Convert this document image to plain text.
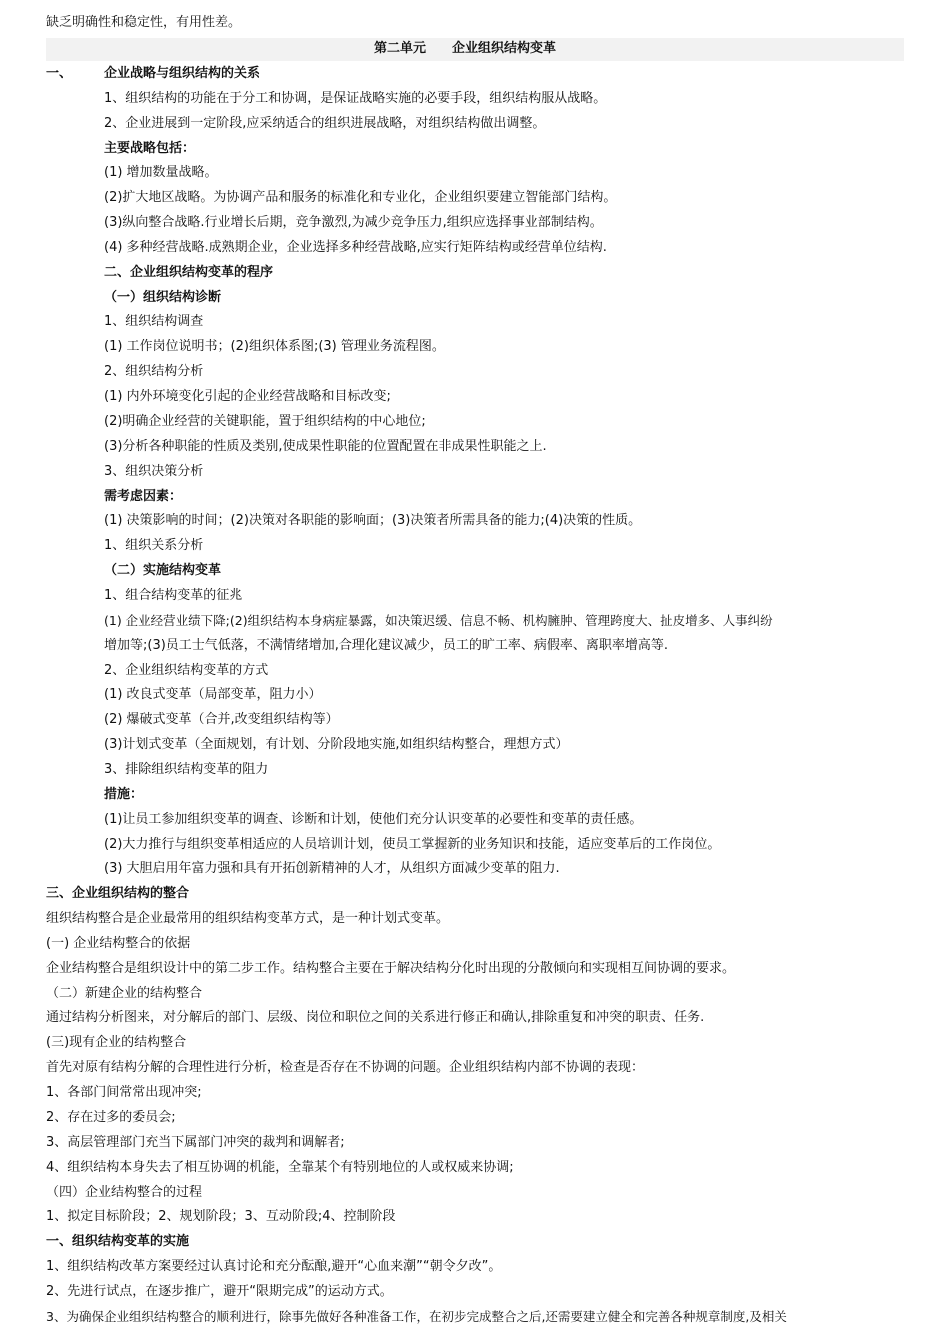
缺乏明确性和稳定性，有用性差。
第二单元　　企业组织结构变革
一、 企业战略与组织结构的关系
1、组织结构的功能在于分工和协调，是保证战略实施的必要手段，组织结构服从战略。
2、企业进展到一定阶段,应采纳适合的组织进展战略，对组织结构做出调整。
主要战略包括：
(1) 增加数量战略。
(2)扩大地区战略。为协调产品和服务的标准化和专业化，企业组织要建立智能部门结构。
(3)纵向整合战略.行业增长后期，竞争激烈,为减少竞争压力,组织应选择事业部制结构。
(4) 多种经营战略.成熟期企业，企业选择多种经营战略,应实行矩阵结构或经营单位结构.
二、企业组织结构变革的程序
（一）组织结构诊断
1、组织结构调查
(1) 工作岗位说明书；(2)组织体系图;(3) 管理业务流程图。
2、组织结构分析
(1) 内外环境变化引起的企业经营战略和目标改变;
(2)明确企业经营的关键职能，置于组织结构的中心地位;
(3)分析各种职能的性质及类别,使成果性职能的位置配置在非成果性职能之上.
3、组织决策分析
需考虑因素：
(1) 决策影响的时间；(2)决策对各职能的影响面；(3)决策者所需具备的能力;(4)决策的性质。
1、组织关系分析
（二）实施结构变革
1、组合结构变革的征兆
(1) 企业经营业绩下降;(2)组织结构本身病症暴露，如决策迟缓、信息不畅、机构臃肿、管理跨度大、扯皮增多、人事纠纷
增加等;(3)员工士气低落，不满情绪增加,合理化建议减少，员工的旷工率、病假率、离职率增高等.
2、企业组织结构变革的方式
(1) 改良式变革（局部变革，阻力小）
(2) 爆破式变革（合并,改变组织结构等）
(3)计划式变革（全面规划，有计划、分阶段地实施,如组织结构整合，理想方式）
3、排除组织结构变革的阻力
措施：
(1)让员工参加组织变革的调查、诊断和计划，使他们充分认识变革的必要性和变革的责任感。
(2)大力推行与组织变革相适应的人员培训计划，使员工掌握新的业务知识和技能，适应变革后的工作岗位。
(3) 大胆启用年富力强和具有开拓创新精神的人才，从组织方面减少变革的阻力.
三、企业组织结构的整合
组织结构整合是企业最常用的组织结构变革方式，是一种计划式变革。
(一) 企业结构整合的依据
企业结构整合是组织设计中的第二步工作。结构整合主要在于解决结构分化时出现的分散倾向和实现相互间协调的要求。
（二）新建企业的结构整合
通过结构分析图来，对分解后的部门、层级、岗位和职位之间的关系进行修正和确认,排除重复和冲突的职责、任务.
(三)现有企业的结构整合
首先对原有结构分解的合理性进行分析，检查是否存在不协调的问题。企业组织结构内部不协调的表现：
1、各部门间常常出现冲突;
2、存在过多的委员会;
3、高层管理部门充当下属部门冲突的裁判和调解者;
4、组织结构本身失去了相互协调的机能，全靠某个有特别地位的人或权威来协调;
（四）企业结构整合的过程
1、拟定目标阶段；2、规划阶段；3、互动阶段;4、控制阶段
一、组织结构变革的实施
1、组织结构改革方案要经过认真讨论和充分酝酿,避开“心血来潮”“朝令夕改”。
2、先进行试点，在逐步推广，避开“限期完成”的运动方式。
3、为确保企业组织结构整合的顺利进行，除事先做好各种准备工作，在初步完成整合之后,还需要建立健全和完善各种规章制度,及相关
